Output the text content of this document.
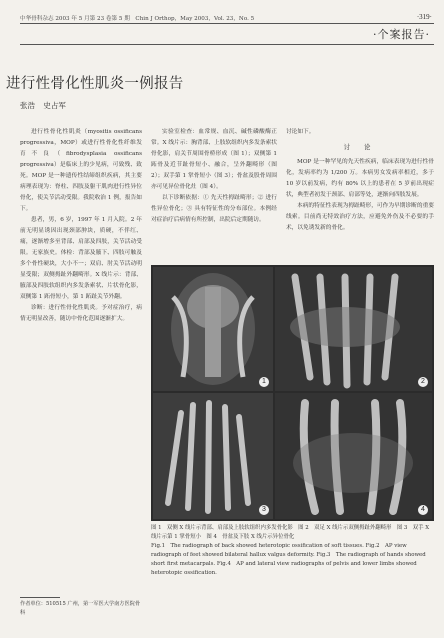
中华骨科杂志 2003 年 5 月第 23 卷第 5 期　Chin J Orthop，May 2003，Vol. 23，No. 5	·319·
·个案报告·
进行性骨化性肌炎一例报告
张浩 史占军

进行性骨化性肌炎（myositis ossificans progressiva，MOP）或进行性骨化性纤维发育不良（fibrodysplasia ossificans progressiva）是临床上的少见病，可致残、致死。MOP 是一种遗传性结缔组织疾病，其主要病理表现为：脊柱、四肢及躯干肌肉进行性异位骨化，使关节活动受限。我院收治 1 例，报告如下。

患者，男，6 岁，1997 年 1 月入院。2 年前无明显诱因出现颈部肿块，质硬，不伴红、痛，逐渐增多至背部、肩部及四肢，关节活动受限。无家族史。体检：背部及腋下、四肢可触及多个骨性硬块，大小不一；双肩、肘关节活动明显受限；双侧拇趾外翻畸形。X 线片示：背部、腋部及四肢软组织内多发条索状、片状骨化影，双侧第 1 跖骨短小，第 1 跖趾关节外翻。

诊断：进行性骨化性肌炎。予对症治疗，病情无明显改善，随访中骨化范围逐渐扩大。

实验室检查：血常规、血沉、碱性磷酸酶正常。X 线片示：胸背部、上肢软组织内多发条索状骨化影，肩关节周围骨桥形成（图 1）；双侧第 1 跖骨及近节趾骨短小、融合，呈外翻畸形（图 2）；双手第 1 掌骨短小（图 3）；骨盆及股骨周围亦可见异位骨化灶（图 4）。

以下诊断依据：① 先天性拇趾畸形；② 进行性异位骨化；③ 具有特征性的分布部位。本例经对症治疗后病情有所控制，出院后定期随访。

讨论如下。

讨 论

MOP 是一种罕见的先天性疾病，临床表现为进行性骨化，发病率约为 1/200 万。本病男女发病率相近，多于 10 岁以前发病，约有 80% 以上的患者在 5 岁前出现症状，典型者初发于颈部、肩部等处，逐渐向四肢发展。

本病的特征性表现为拇趾畸形，可作为早期诊断的重要线索。目前尚无特效治疗方法，应避免外伤及不必要的手术，以免诱发新的骨化。

1	2
3	4
图 1　双侧 X 线片示背部、肩部及上肢软组织内多发骨化影　图 2　双足 X 线片示双侧拇趾外翻畸形　图 3　双手 X 线片示第 1 掌骨短小　图 4　骨盆及下肢 X 线片示异位骨化
Fig.1　The radiograph of back showed heterotopic ossification of soft tissues. Fig.2　AP view radiograph of feet showed bilateral hallux valgus deformity. Fig.3　The radiograph of hands showed short first metacarpals. Fig.4　AP and lateral view radiographs of pelvis and lower limbs showed heterotopic ossification.
作者单位：510515 广州，第一军医大学南方医院骨科
